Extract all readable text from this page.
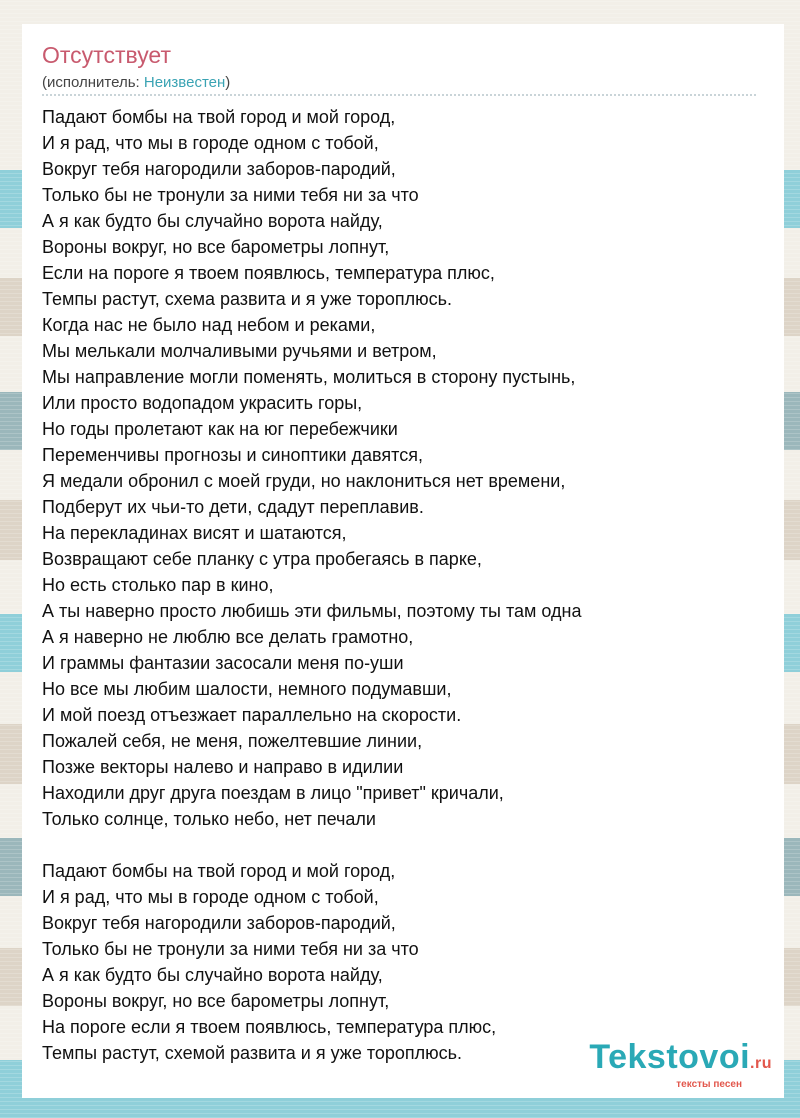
Отсутствует
(исполнитель: Неизвестен)
Падают бомбы на твой город и мой город,
И я рад, что мы в городе одном с тобой,
Вокруг тебя нагородили заборов-пародий,
Только бы не тронули за ними тебя ни за что
А я как будто бы случайно ворота найду,
Вороны вокруг, но все барометры лопнут,
Если на пороге я твоем появлюсь, температура плюс,
Темпы растут, схема развита и я уже тороплюсь.
Когда нас не было над небом и реками,
Мы мелькали молчаливыми ручьями и ветром,
Мы направление могли поменять, молиться в сторону пустынь,
Или просто водопадом украсить горы,
Но годы пролетают как на юг перебежчики
Переменчивы прогнозы и синоптики давятся,
Я медали обронил с моей груди, но наклониться нет времени,
Подберут их чьи-то дети, сдадут переплавив.
На перекладинах висят и шатаются,
Возвращают себе планку с утра пробегаясь в парке,
Но есть столько пар в кино,
А ты наверно просто любишь эти фильмы, поэтому ты там одна
А я наверно не люблю все делать грамотно,
И граммы фантазии засосали меня по-уши
Но все мы любим шалости, немного подумавши,
И мой поезд отъезжает параллельно на скорости.
Пожалей себя, не меня, пожелтевшие линии,
Позже векторы налево и направо в идилии
Находили друг друга поездам в лицо "привет" кричали,
Только солнце, только небо, нет печали
Падают бомбы на твой город и мой город,
И я рад, что мы в городе одном с тобой,
Вокруг тебя нагородили заборов-пародий,
Только бы не тронули за ними тебя ни за что
А я как будто бы случайно ворота найду,
Вороны вокруг, но все барометры лопнут,
На пороге если я твоем появлюсь, температура плюс,
Темпы растут, схемой развита и я уже тороплюсь.	Tekstovoi.ru
тексты песен
